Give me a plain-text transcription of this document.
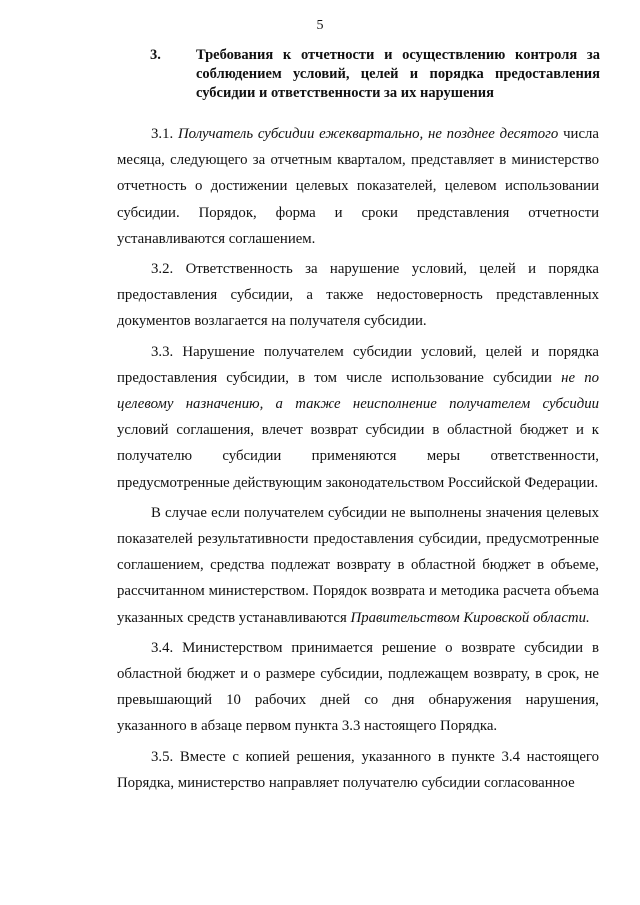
5
3.	Требования к отчетности и осуществлению контроля за соблюдением условий, целей и порядка предоставления субсидии и ответственности за их нарушения

3.1. Получатель субсидии ежеквартально, не позднее десятого числа месяца, следующего за отчетным кварталом, представляет в министерство отчетность о достижении целевых показателей, целевом использовании субсидии. Порядок, форма и сроки представления отчетности устанавливаются соглашением.

3.2. Ответственность за нарушение условий, целей и порядка предоставления субсидии, а также недостоверность представленных документов возлагается на получателя субсидии.

3.3. Нарушение получателем субсидии условий, целей и порядка предоставления субсидии, в том числе использование субсидии не по целевому назначению, а также неисполнение получателем субсидии условий соглашения, влечет возврат субсидии в областной бюджет и к получателю субсидии применяются меры ответственности, предусмотренные действующим законодательством Российской Федерации.

В случае если получателем субсидии не выполнены значения целевых показателей результативности предоставления субсидии, предусмотренные соглашением, средства подлежат возврату в областной бюджет в объеме, рассчитанном министерством. Порядок возврата и методика расчета объема указанных средств устанавливаются Правительством Кировской области.

3.4. Министерством принимается решение о возврате субсидии в областной бюджет и о размере субсидии, подлежащем возврату, в срок, не превышающий 10 рабочих дней со дня обнаружения нарушения, указанного в абзаце первом пункта 3.3 настоящего Порядка.

3.5. Вместе с копией решения, указанного в пункте 3.4 настоящего Порядка, министерство направляет получателю субсидии согласованное
